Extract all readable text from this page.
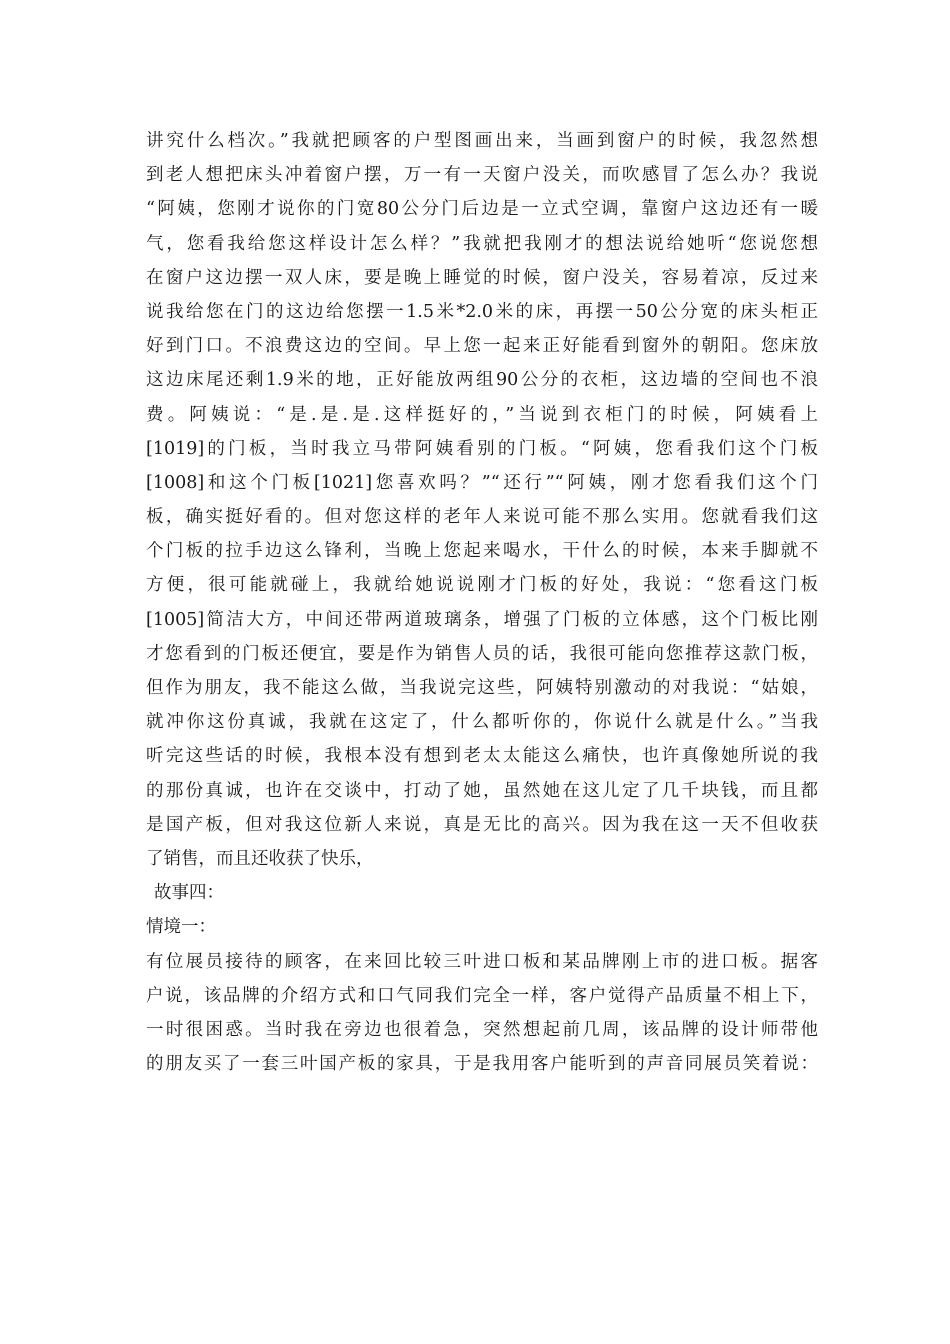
讲究什么档次。”我就把顾客的户型图画出来，当画到窗户的时候，我忽然想
到老人想把床头冲着窗户摆，万一有一天窗户没关，而吹感冒了怎么办？我说
“阿姨，您刚才说你的门宽80公分门后边是一立式空调，靠窗户这边还有一暖
气，您看我给您这样设计怎么样？”我就把我刚才的想法说给她听“您说您想
在窗户这边摆一双人床，要是晚上睡觉的时候，窗户没关，容易着凉，反过来
说我给您在门的这边给您摆一1.5米*2.0米的床，再摆一50公分宽的床头柜正
好到门口。不浪费这边的空间。早上您一起来正好能看到窗外的朝阳。您床放
这边床尾还剩1.9米的地，正好能放两组90公分的衣柜，这边墙的空间也不浪
费。阿姨说：“是.是.是.这样挺好的，”当说到衣柜门的时候，阿姨看上
[1019]的门板，当时我立马带阿姨看别的门板。“阿姨，您看我们这个门板
[1008]和这个门板[1021]您喜欢吗？”“还行”“阿姨，刚才您看我们这个门
板，确实挺好看的。但对您这样的老年人来说可能不那么实用。您就看我们这
个门板的拉手边这么锋利，当晚上您起来喝水，干什么的时候，本来手脚就不
方便，很可能就碰上，我就给她说说刚才门板的好处，我说：“您看这门板
[1005]简洁大方，中间还带两道玻璃条，增强了门板的立体感，这个门板比刚
才您看到的门板还便宜，要是作为销售人员的话，我很可能向您推荐这款门板，
但作为朋友，我不能这么做，当我说完这些，阿姨特别激动的对我说：“姑娘，
就冲你这份真诚，我就在这定了，什么都听你的，你说什么就是什么。”当我
听完这些话的时候，我根本没有想到老太太能这么痛快，也许真像她所说的我
的那份真诚，也许在交谈中，打动了她，虽然她在这儿定了几千块钱，而且都
是国产板，但对我这位新人来说，真是无比的高兴。因为我在这一天不但收获
了销售，而且还收获了快乐，
故事四：
情境一：
有位展员接待的顾客，在来回比较三叶进口板和某品牌刚上市的进口板。据客
户说，该品牌的介绍方式和口气同我们完全一样，客户觉得产品质量不相上下，
一时很困惑。当时我在旁边也很着急，突然想起前几周，该品牌的设计师带他
的朋友买了一套三叶国产板的家具，于是我用客户能听到的声音同展员笑着说：
